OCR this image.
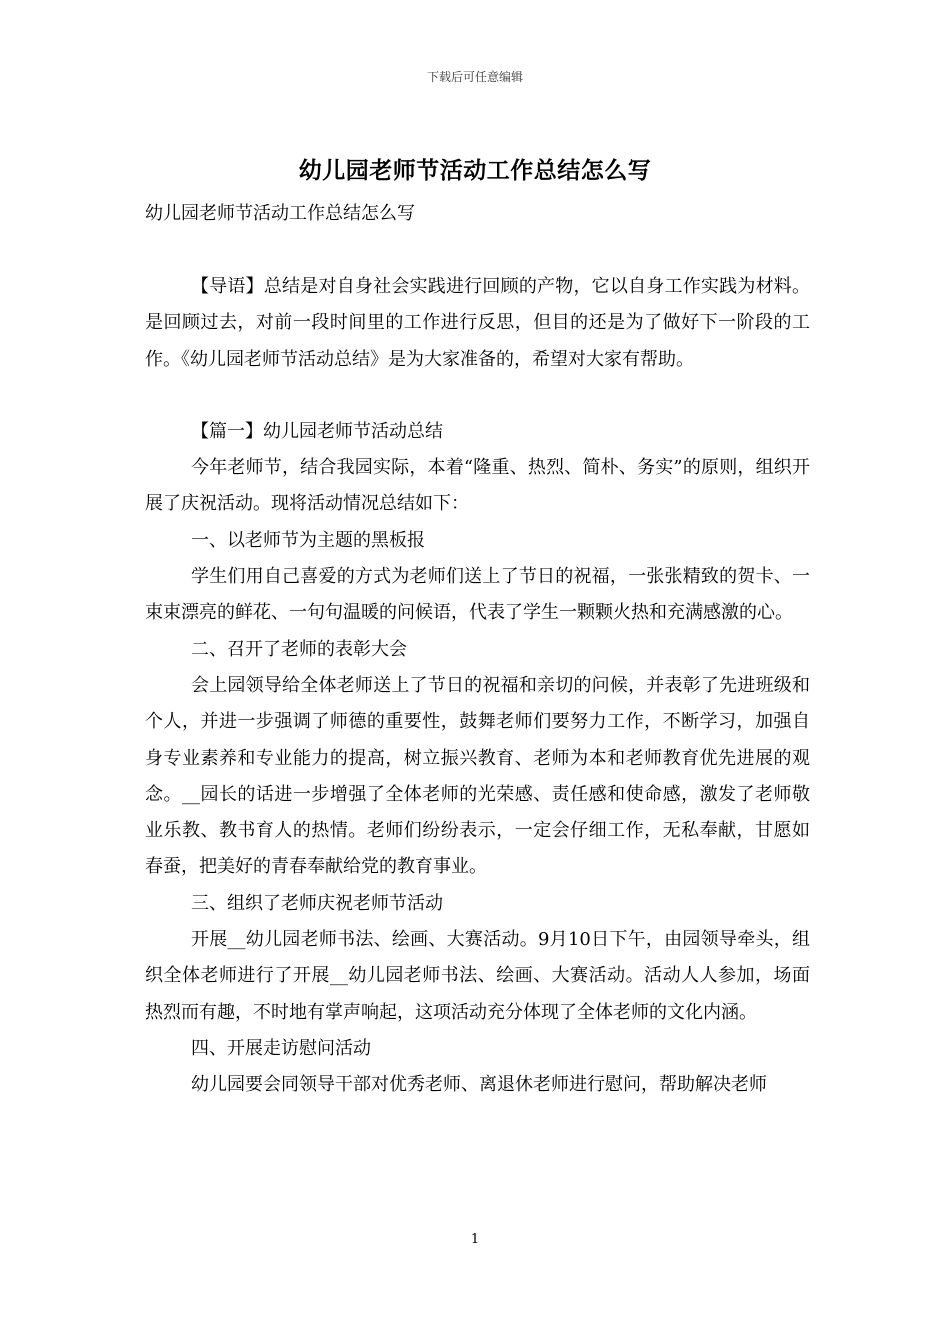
下载后可任意编辑
幼儿园老师节活动工作总结怎么写
幼儿园老师节活动工作总结怎么写

【导语】总结是对自身社会实践进行回顾的产物，它以自身工作实践为材料。是回顾过去，对前一段时间里的工作进行反思，但目的还是为了做好下一阶段的工作。《幼儿园老师节活动总结》是为大家准备的，希望对大家有帮助。

【篇一】幼儿园老师节活动总结

今年老师节，结合我园实际，本着“隆重、热烈、简朴、务实”的原则，组织开展了庆祝活动。现将活动情况总结如下：

一、以老师节为主题的黑板报

学生们用自己喜爱的方式为老师们送上了节日的祝福，一张张精致的贺卡、一束束漂亮的鲜花、一句句温暖的问候语，代表了学生一颗颗火热和充满感激的心。

二、召开了老师的表彰大会

会上园领导给全体老师送上了节日的祝福和亲切的问候，并表彰了先进班级和个人，并进一步强调了师德的重要性，鼓舞老师们要努力工作，不断学习，加强自身专业素养和专业能力的提高，树立振兴教育、老师为本和老师教育优先进展的观念。__园长的话进一步增强了全体老师的光荣感、责任感和使命感，激发了老师敬业乐教、教书育人的热情。老师们纷纷表示，一定会仔细工作，无私奉献，甘愿如春蚕，把美好的青春奉献给党的教育事业。

三、组织了老师庆祝老师节活动

开展__幼儿园老师书法、绘画、大赛活动。9月10日下午，由园领导牵头，组织全体老师进行了开展__幼儿园老师书法、绘画、大赛活动。活动人人参加，场面热烈而有趣，不时地有掌声响起，这项活动充分体现了全体老师的文化内涵。

四、开展走访慰问活动

幼儿园要会同领导干部对优秀老师、离退休老师进行慰问，帮助解决老师

1
